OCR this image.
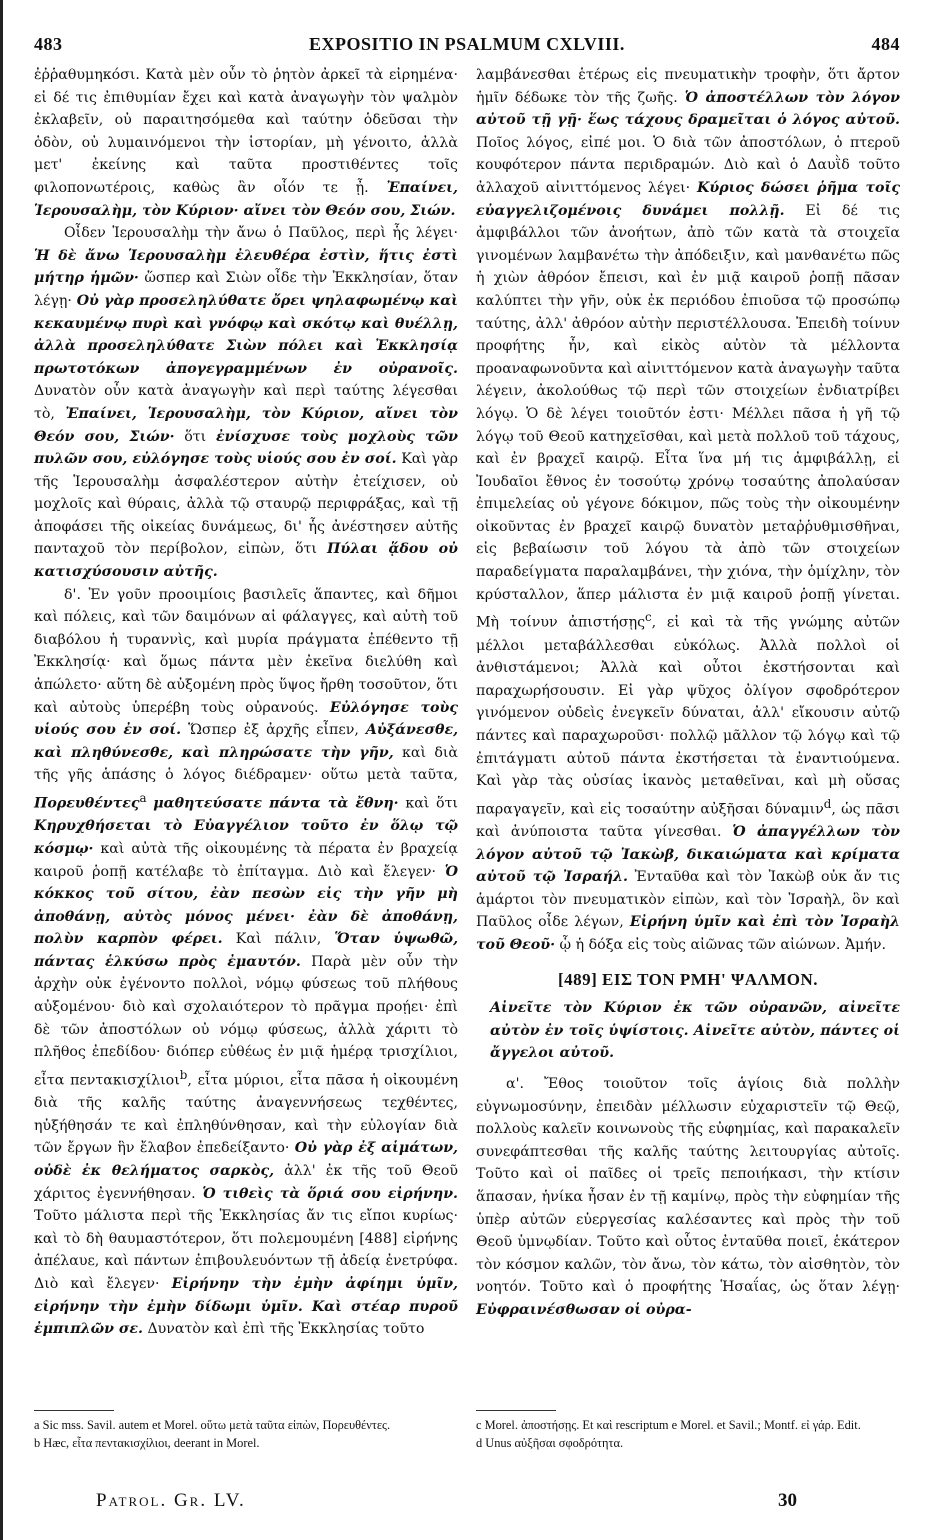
483	EXPOSITIO IN PSALMUM CXLVIII.	484

ἐῤῥαθυμηκόσι. Κατὰ μὲν οὖν τὸ ῥητὸν ἀρκεῖ τὰ εἰρημένα· εἰ δέ τις ἐπιθυμίαν ἔχει καὶ κατὰ ἀναγωγὴν τὸν ψαλμὸν ἐκλαβεῖν, οὐ παραιτησόμεθα καὶ ταύτην ὁδεῦσαι τὴν ὁδὸν, οὐ λυμαινόμενοι τὴν ἱστορίαν, μὴ γένοιτο, ἀλλὰ μετ' ἐκείνης καὶ ταῦτα προστιθέντες τοῖς φιλοπονωτέροις, καθὼς ἂν οἷόν τε ᾖ. Ἐπαίνει, Ἱερουσαλὴμ, τὸν Κύριον· αἴνει τὸν Θεόν σου, Σιών.

Οἶδεν Ἱερουσαλὴμ τὴν ἄνω ὁ Παῦλος, περὶ ἧς λέγει· Ἡ δὲ ἄνω Ἱερουσαλὴμ ἐλευθέρα ἐστὶν, ἥτις ἐστὶ μήτηρ ἡμῶν· ὥσπερ καὶ Σιὼν οἶδε τὴν Ἐκκλησίαν, ὅταν λέγῃ· Οὐ γὰρ προσεληλύθατε ὄρει ψηλαφωμένῳ καὶ κεκαυμένῳ πυρὶ καὶ γνόφῳ καὶ σκότῳ καὶ θυέλλῃ, ἀλλὰ προσεληλύθατε Σιὼν πόλει καὶ Ἐκκλησίᾳ πρωτοτόκων ἀπογεγραμμένων ἐν οὐρανοῖς. Δυνατὸν οὖν κατὰ ἀναγωγὴν καὶ περὶ ταύτης λέγεσθαι τὸ, Ἐπαίνει, Ἱερουσαλὴμ, τὸν Κύριον, αἴνει τὸν Θεόν σου, Σιών· ὅτι ἐνίσχυσε τοὺς μοχλοὺς τῶν πυλῶν σου, εὐλόγησε τοὺς υἱούς σου ἐν σοί. Καὶ γὰρ τῆς Ἱερουσαλὴμ ἀσφαλέστερον αὐτὴν ἐτείχισεν, οὐ μοχλοῖς καὶ θύραις, ἀλλὰ τῷ σταυρῷ περιφράξας, καὶ τῇ ἀποφάσει τῆς οἰκείας δυνάμεως, δι' ἧς ἀνέστησεν αὐτῆς πανταχοῦ τὸν περίβολον, εἰπὼν, ὅτι Πύλαι ᾅδου οὐ κατισχύσουσιν αὐτῆς.

δ'. Ἐν γοῦν προοιμίοις βασιλεῖς ἅπαντες, καὶ δῆμοι καὶ πόλεις, καὶ τῶν δαιμόνων αἱ φάλαγγες, καὶ αὐτὴ τοῦ διαβόλου ἡ τυραννὶς, καὶ μυρία πράγματα ἐπέθεντο τῇ Ἐκκλησίᾳ· καὶ ὅμως πάντα μὲν ἐκεῖνα διελύθη καὶ ἀπώλετο· αὕτη δὲ αὐξομένη πρὸς ὕψος ἤρθη τοσοῦτον, ὅτι καὶ αὐτοὺς ὑπερέβη τοὺς οὐρανούς. Εὐλόγησε τοὺς υἱούς σου ἐν σοί. Ὥσπερ ἐξ ἀρχῆς εἶπεν, Αὐξάνεσθε, καὶ πληθύνεσθε, καὶ πληρώσατε τὴν γῆν, καὶ διὰ τῆς γῆς ἁπάσης ὁ λόγος διέδραμεν· οὕτω μετὰ ταῦτα, Πορευθέντες$^a$ μαθητεύσατε πάντα τὰ ἔθνη· καὶ ὅτι Κηρυχθήσεται τὸ Εὐαγγέλιον τοῦτο ἐν ὅλῳ τῷ κόσμῳ· καὶ αὐτὰ τῆς οἰκουμένης τὰ πέρατα ἐν βραχείᾳ καιροῦ ῥοπῇ κατέλαβε τὸ ἐπίταγμα. Διὸ καὶ ἔλεγεν· Ὁ κόκκος τοῦ σίτου, ἐὰν πεσὼν εἰς τὴν γῆν μὴ ἀποθάνῃ, αὐτὸς μόνος μένει· ἐὰν δὲ ἀποθάνῃ, πολὺν καρπὸν φέρει. Καὶ πάλιν, Ὅταν ὑψωθῶ, πάντας ἑλκύσω πρὸς ἐμαυτόν. Παρὰ μὲν οὖν τὴν ἀρχὴν οὐκ ἐγένοντο πολλοὶ, νόμῳ φύσεως τοῦ πλήθους αὐξομένου· διὸ καὶ σχολαιότερον τὸ πρᾶγμα προῄει· ἐπὶ δὲ τῶν ἀποστόλων οὐ νόμῳ φύσεως, ἀλλὰ χάριτι τὸ πλῆθος ἐπεδίδου· διόπερ εὐθέως ἐν μιᾷ ἡμέρᾳ τρισχίλιοι, εἶτα πεντακισχίλιοι$^b$, εἶτα μύριοι, εἶτα πᾶσα ἡ οἰκουμένη διὰ τῆς καλῆς ταύτης ἀναγεννήσεως τεχθέντες, ηὐξήθησάν τε καὶ ἐπληθύνθησαν, καὶ τὴν εὐλογίαν διὰ τῶν ἔργων ἣν ἔλαβον ἐπεδείξαντο· Οὐ γὰρ ἐξ αἱμάτων, οὐδὲ ἐκ θελήματος σαρκὸς, ἀλλ' ἐκ τῆς τοῦ Θεοῦ χάριτος ἐγεννήθησαν. Ὁ τιθεὶς τὰ ὅριά σου εἰρήνην. Τοῦτο μάλιστα περὶ τῆς Ἐκκλησίας ἄν τις εἴποι κυρίως· καὶ τὸ δὴ θαυμαστότερον, ὅτι πολεμουμένη [488] εἰρήνης ἀπέλαυε, καὶ πάντων ἐπιβουλευόντων τῇ ἀδείᾳ ἐνετρύφα. Διὸ καὶ ἔλεγεν· Εἰρήνην τὴν ἐμὴν ἀφίημι ὑμῖν, εἰρήνην τὴν ἐμὴν δίδωμι ὑμῖν. Καὶ στέαρ πυροῦ ἐμπιπλῶν σε. Δυνατὸν καὶ ἐπὶ τῆς Ἐκκλησίας τοῦτο

λαμβάνεσθαι ἑτέρως εἰς πνευματικὴν τροφὴν, ὅτι ἄρτον ἡμῖν δέδωκε τὸν τῆς ζωῆς. Ὁ ἀποστέλλων τὸν λόγον αὐτοῦ τῇ γῇ· ἕως τάχους δραμεῖται ὁ λόγος αὐτοῦ. Ποῖος λόγος, εἰπέ μοι. Ὁ διὰ τῶν ἀποστόλων, ὁ πτεροῦ κουφότερον πάντα περιδραμών. Διὸ καὶ ὁ Δαυῒδ τοῦτο ἀλλαχοῦ αἰνιττόμενος λέγει· Κύριος δώσει ῥῆμα τοῖς εὐαγγελιζομένοις δυνάμει πολλῇ. Εἰ δέ τις ἀμφιβάλλοι τῶν ἀνοήτων, ἀπὸ τῶν κατὰ τὰ στοιχεῖα γινομένων λαμβανέτω τὴν ἀπόδειξιν, καὶ μανθανέτω πῶς ἡ χιὼν ἀθρόον ἔπεισι, καὶ ἐν μιᾷ καιροῦ ῥοπῇ πᾶσαν καλύπτει τὴν γῆν, οὐκ ἐκ περιόδου ἐπιοῦσα τῷ προσώπῳ ταύτης, ἀλλ' ἀθρόον αὐτὴν περιστέλλουσα. Ἐπειδὴ τοίνυν προφήτης ἦν, καὶ εἰκὸς αὐτὸν τὰ μέλλοντα προαναφωνοῦντα καὶ αἰνιττόμενον κατὰ ἀναγωγὴν ταῦτα λέγειν, ἀκολούθως τῷ περὶ τῶν στοιχείων ἐνδιατρίβει λόγῳ. Ὁ δὲ λέγει τοιοῦτόν ἐστι· Μέλλει πᾶσα ἡ γῆ τῷ λόγῳ τοῦ Θεοῦ κατηχεῖσθαι, καὶ μετὰ πολλοῦ τοῦ τάχους, καὶ ἐν βραχεῖ καιρῷ. Εἶτα ἵνα μή τις ἀμφιβάλλῃ, εἰ Ἰουδαῖοι ἔθνος ἐν τοσούτῳ χρόνῳ τοσαύτης ἀπολαύσαν ἐπιμελείας οὐ γέγονε δόκιμον, πῶς τοὺς τὴν οἰκουμένην οἰκοῦντας ἐν βραχεῖ καιρῷ δυνατὸν μεταῤῥυθμισθῆναι, εἰς βεβαίωσιν τοῦ λόγου τὰ ἀπὸ τῶν στοιχείων παραδείγματα παραλαμβάνει, τὴν χιόνα, τὴν ὁμίχλην, τὸν κρύσταλλον, ἅπερ μάλιστα ἐν μιᾷ καιροῦ ῥοπῇ γίνεται. Μὴ τοίνυν ἀπιστήσῃς$^c$, εἰ καὶ τὰ τῆς γνώμης αὐτῶν μέλλοι μεταβάλλεσθαι εὐκόλως. Ἀλλὰ πολλοὶ οἱ ἀνθιστάμενοι; Ἀλλὰ καὶ οὗτοι ἐκστήσονται καὶ παραχωρήσουσιν. Εἰ γὰρ ψῦχος ὀλίγον σφοδρότερον γινόμενον οὐδεὶς ἐνεγκεῖν δύναται, ἀλλ' εἴκουσιν αὐτῷ πάντες καὶ παραχωροῦσι· πολλῷ μᾶλλον τῷ λόγῳ καὶ τῷ ἐπιτάγματι αὐτοῦ πάντα ἐκστήσεται τὰ ἐναντιούμενα. Καὶ γὰρ τὰς οὐσίας ἱκανὸς μεταθεῖναι, καὶ μὴ οὔσας παραγαγεῖν, καὶ εἰς τοσαύτην αὐξῆσαι δύναμιν$^d$, ὡς πᾶσι καὶ ἀνύποιστα ταῦτα γίνεσθαι. Ὁ ἀπαγγέλλων τὸν λόγον αὐτοῦ τῷ Ἰακὼβ, δικαιώματα καὶ κρίματα αὐτοῦ τῷ Ἰσραήλ. Ἐνταῦθα καὶ τὸν Ἰακὼβ οὐκ ἄν τις ἁμάρτοι τὸν πνευματικὸν εἰπὼν, καὶ τὸν Ἰσραὴλ, ὃν καὶ Παῦλος οἶδε λέγων, Εἰρήνη ὑμῖν καὶ ἐπὶ τὸν Ἰσραὴλ τοῦ Θεοῦ· ᾧ ἡ δόξα εἰς τοὺς αἰῶνας τῶν αἰώνων. Ἀμήν.

[489] ΕΙΣ ΤΟΝ ΡΜΗ' ΨΑΛΜΟΝ.
Αἰνεῖτε τὸν Κύριον ἐκ τῶν οὐρανῶν, αἰνεῖτε αὐτὸν ἐν τοῖς ὑψίστοις. Αἰνεῖτε αὐτὸν, πάντες οἱ ἄγγελοι αὐτοῦ.

α'. Ἔθος τοιοῦτον τοῖς ἁγίοις διὰ πολλὴν εὐγνωμοσύνην, ἐπειδὰν μέλλωσιν εὐχαριστεῖν τῷ Θεῷ, πολλοὺς καλεῖν κοινωνοὺς τῆς εὐφημίας, καὶ παρακαλεῖν συνεφάπτεσθαι τῆς καλῆς ταύτης λειτουργίας αὐτοῖς. Τοῦτο καὶ οἱ παῖδες οἱ τρεῖς πεποιήκασι, τὴν κτίσιν ἅπασαν, ἡνίκα ἦσαν ἐν τῇ καμίνῳ, πρὸς τὴν εὐφημίαν τῆς ὑπὲρ αὐτῶν εὐεργεσίας καλέσαντες καὶ πρὸς τὴν τοῦ Θεοῦ ὑμνῳδίαν. Τοῦτο καὶ οὗτος ἐνταῦθα ποιεῖ, ἑκάτερον τὸν κόσμον καλῶν, τὸν ἄνω, τὸν κάτω, τὸν αἰσθητὸν, τὸν νοητόν. Τοῦτο καὶ ὁ προφήτης Ἡσαΐας, ὡς ὅταν λέγῃ· Εὐφραινέσθωσαν οἱ οὐρα-

a Sic mss. Savil. autem et Morel. οὕτω μετὰ ταῦτα εἰπὼν, Πορευθέντες.

b Hæc, εἶτα πεντακισχίλιοι, deerant in Morel.

c Morel. ἀποστήσῃς. Et καὶ rescriptum e Morel. et Savil.; Montf. εἰ γάρ. Edit.

d Unus αὐξῆσαι σφοδρότητα.

Patrol. Gr. LV.	30
